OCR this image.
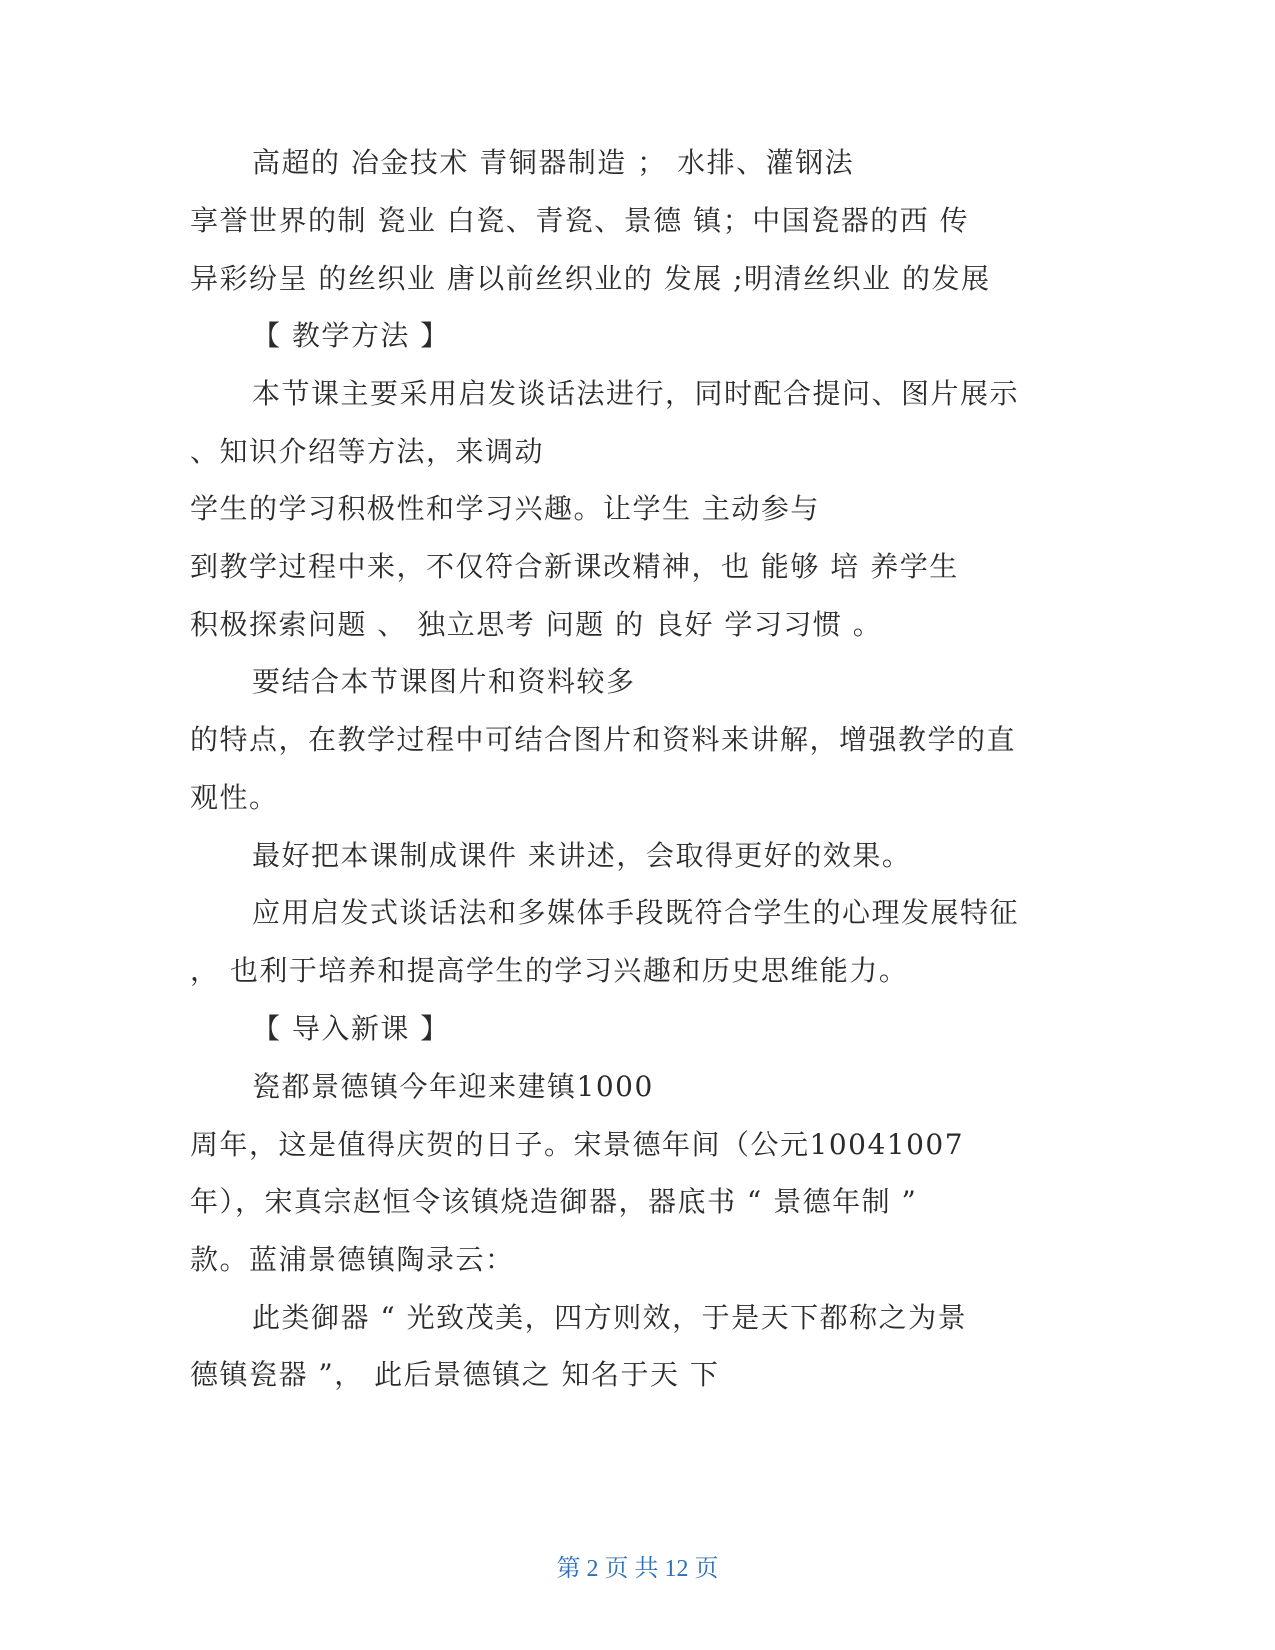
高超的 冶金技术 青铜器制造 ； 水排、灌钢法
享誉世界的制 瓷业 白瓷、青瓷、景德 镇；中国瓷器的西 传
异彩纷呈 的丝织业 唐以前丝织业的 发展 ;明清丝织业 的发展
【 教学方法 】
本节课主要采用启发谈话法进行，同时配合提问、图片展示
、知识介绍等方法，来调动
学生的学习积极性和学习兴趣。让学生 主动参与
到教学过程中来，不仅符合新课改精神，也 能够 培 养学生
积极探索问题 、 独立思考 问题 的 良好 学习习惯 。
要结合本节课图片和资料较多
的特点，在教学过程中可结合图片和资料来讲解，增强教学的直
观性。
最好把本课制成课件 来讲述，会取得更好的效果。
应用启发式谈话法和多媒体手段既符合学生的心理发展特征
， 也利于培养和提高学生的学习兴趣和历史思维能力。
【 导入新课 】
瓷都景德镇今年迎来建镇1000
周年，这是值得庆贺的日子。宋景德年间（公元10041007
年），宋真宗赵恒令该镇烧造御器，器底书 “ 景德年制 ”
款。蓝浦景德镇陶录云：
此类御器 “ 光致茂美，四方则效，于是天下都称之为景
德镇瓷器 ”， 此后景德镇之 知名于天 下
第 2 页 共 12 页
